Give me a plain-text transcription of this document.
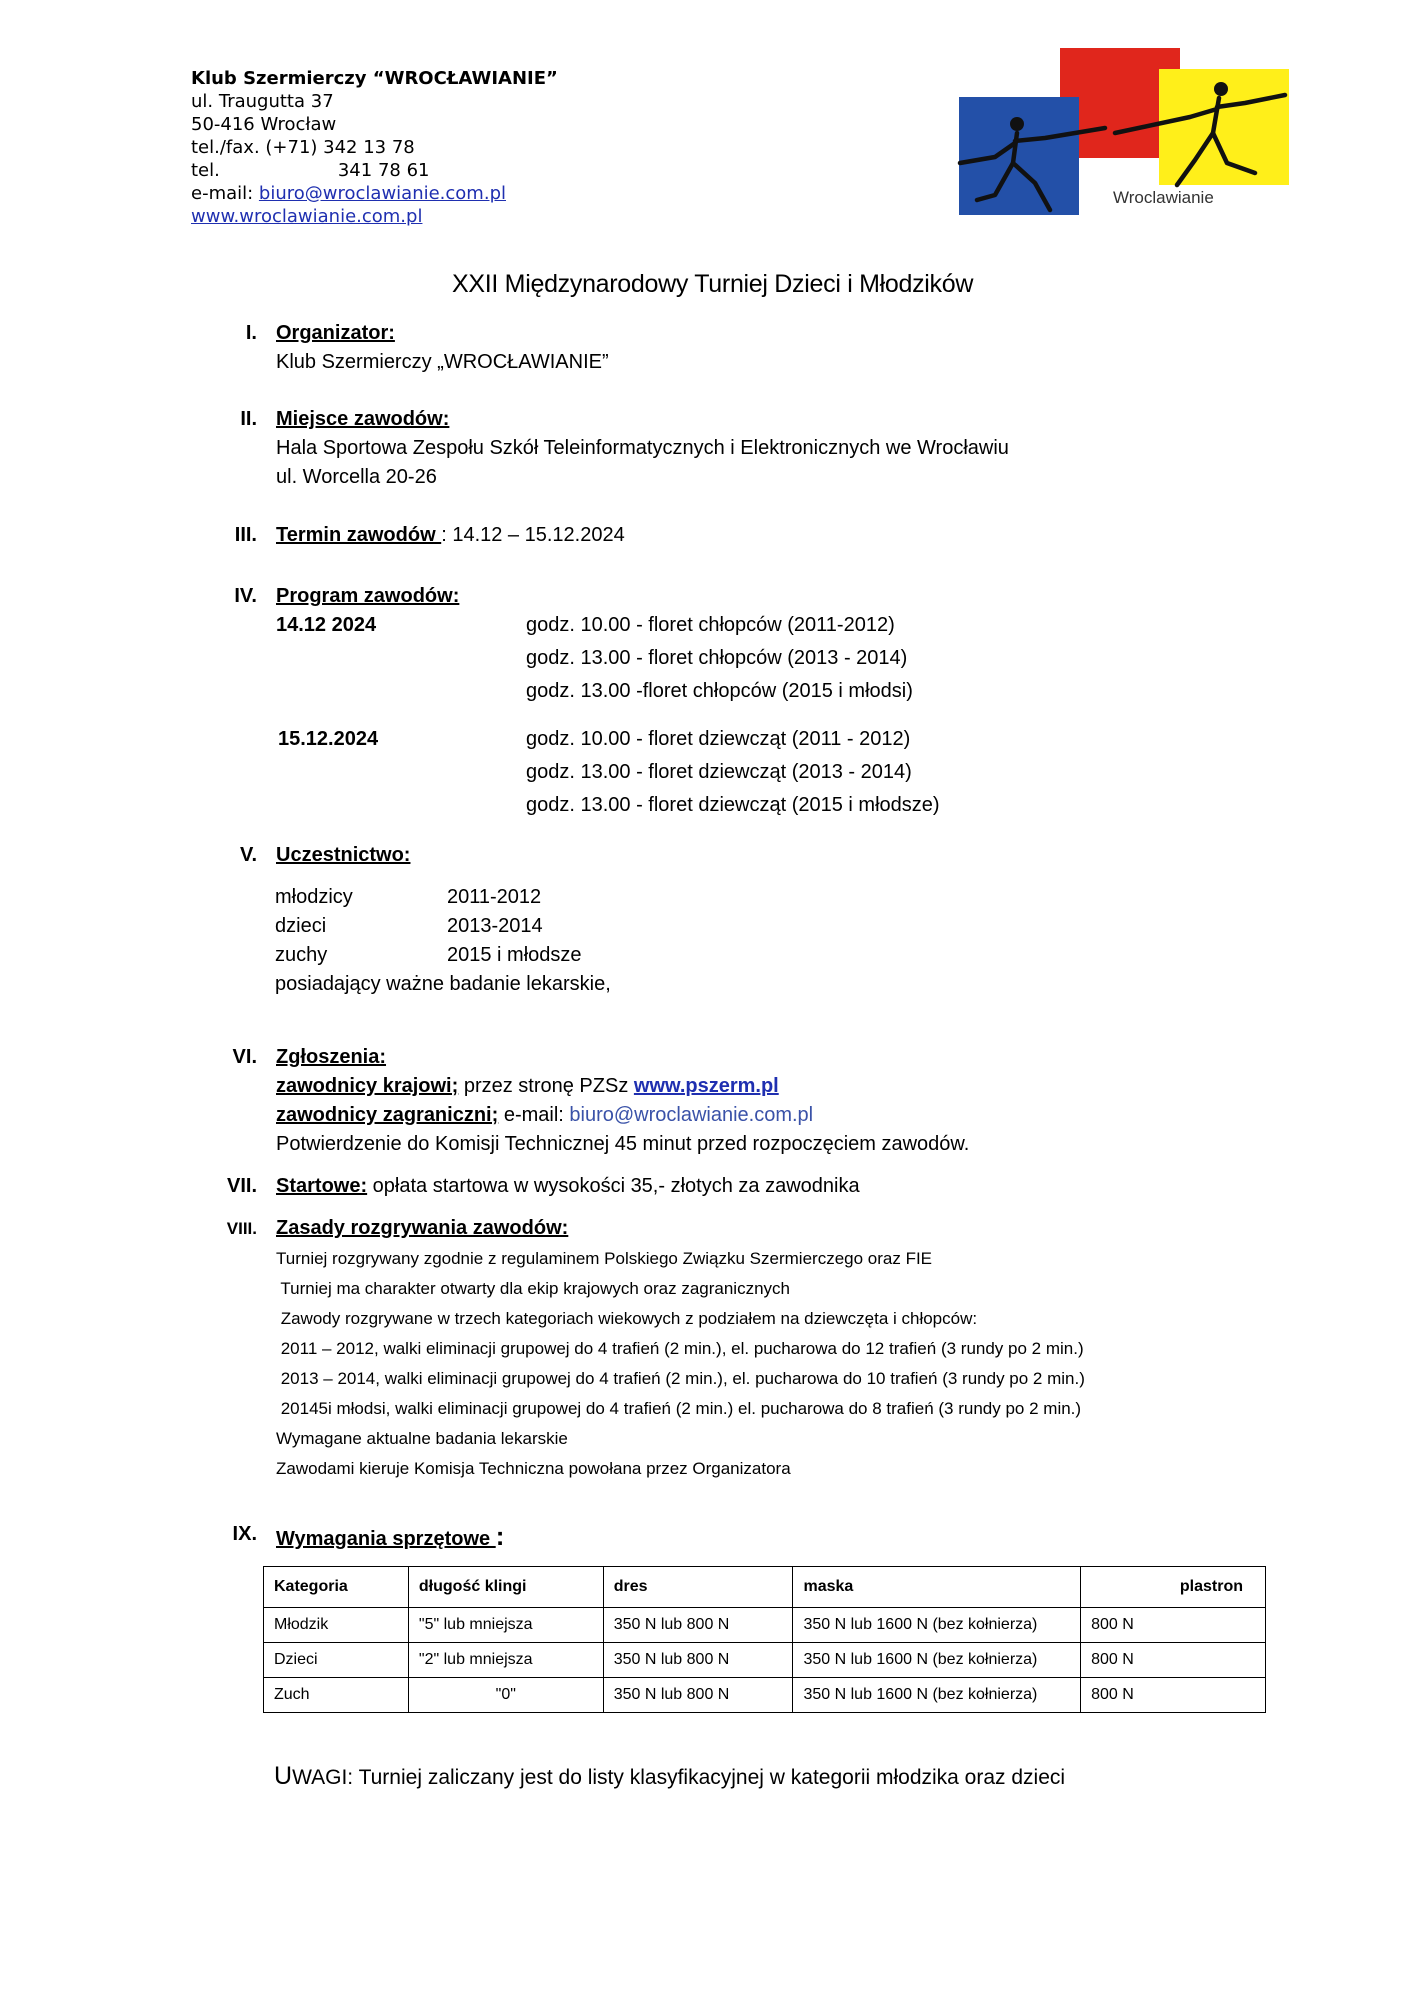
Klub Szermierczy “WROCŁAWIANIE”
ul. Traugutta 37
50-416 Wrocław
tel./fax. (+71) 342 13 78
tel.	341 78 61
e-mail: biuro@wroclawianie.com.pl
www.wroclawianie.com.pl
Wroclawianie
XXII Międzynarodowy Turniej Dzieci i Młodzików
I. Organizator:
Klub Szermierczy „WROCŁAWIANIE”
II. Miejsce zawodów:
Hala Sportowa Zespołu Szkół Teleinformatycznych i Elektronicznych we Wrocławiu
ul. Worcella 20-26
III. Termin zawodów : 14.12 – 15.12.2024
IV. Program zawodów:
14.12 2024	godz. 10.00 - floret chłopców (2011-2012)
godz. 13.00 - floret chłopców (2013 - 2014)
godz. 13.00 -floret chłopców (2015 i młodsi)
15.12.2024	godz. 10.00 - floret dziewcząt (2011 - 2012)
godz. 13.00 - floret dziewcząt (2013 - 2014)
godz. 13.00 - floret dziewcząt (2015 i młodsze)
V. Uczestnictwo:
młodzicy	2011-2012
dzieci	2013-2014
zuchy	2015 i młodsze
posiadający ważne badanie lekarskie,
VI. Zgłoszenia:
zawodnicy krajowi; przez stronę PZSz www.pszerm.pl
zawodnicy zagraniczni; e-mail: biuro@wroclawianie.com.pl
Potwierdzenie do Komisji Technicznej 45 minut przed rozpoczęciem zawodów.
VII. Startowe: opłata startowa w wysokości 35,- złotych za zawodnika
VIII. Zasady rozgrywania zawodów:
Turniej rozgrywany zgodnie z regulaminem Polskiego Związku Szermierczego oraz FIE
Turniej ma charakter otwarty dla ekip krajowych oraz zagranicznych
Zawody rozgrywane w trzech kategoriach wiekowych z podziałem na dziewczęta i chłopców:
2011 – 2012, walki eliminacji grupowej do 4 trafień (2 min.), el. pucharowa do 12 trafień (3 rundy po 2 min.)
2013 – 2014, walki eliminacji grupowej do 4 trafień (2 min.), el. pucharowa do 10 trafień (3 rundy po 2 min.)
20145i młodsi, walki eliminacji grupowej do 4 trafień (2 min.) el. pucharowa do 8 trafień (3 rundy po 2 min.)
Wymagane aktualne badania lekarskie
Zawodami kieruje Komisja Techniczna powołana przez Organizatora
IX. Wymagania sprzętowe :
Kategoria	długość klingi	dres	maska	plastron
Młodzik	"5" lub mniejsza	350 N lub 800 N	350 N lub 1600 N (bez kołnierza)	800 N
Dzieci	"2" lub mniejsza	350 N lub 800 N	350 N lub 1600 N (bez kołnierza)	800 N
Zuch	"0"	350 N lub 800 N	350 N lub 1600 N (bez kołnierza)	800 N
UWAGI: Turniej zaliczany jest do listy klasyfikacyjnej w kategorii młodzika oraz dzieci
